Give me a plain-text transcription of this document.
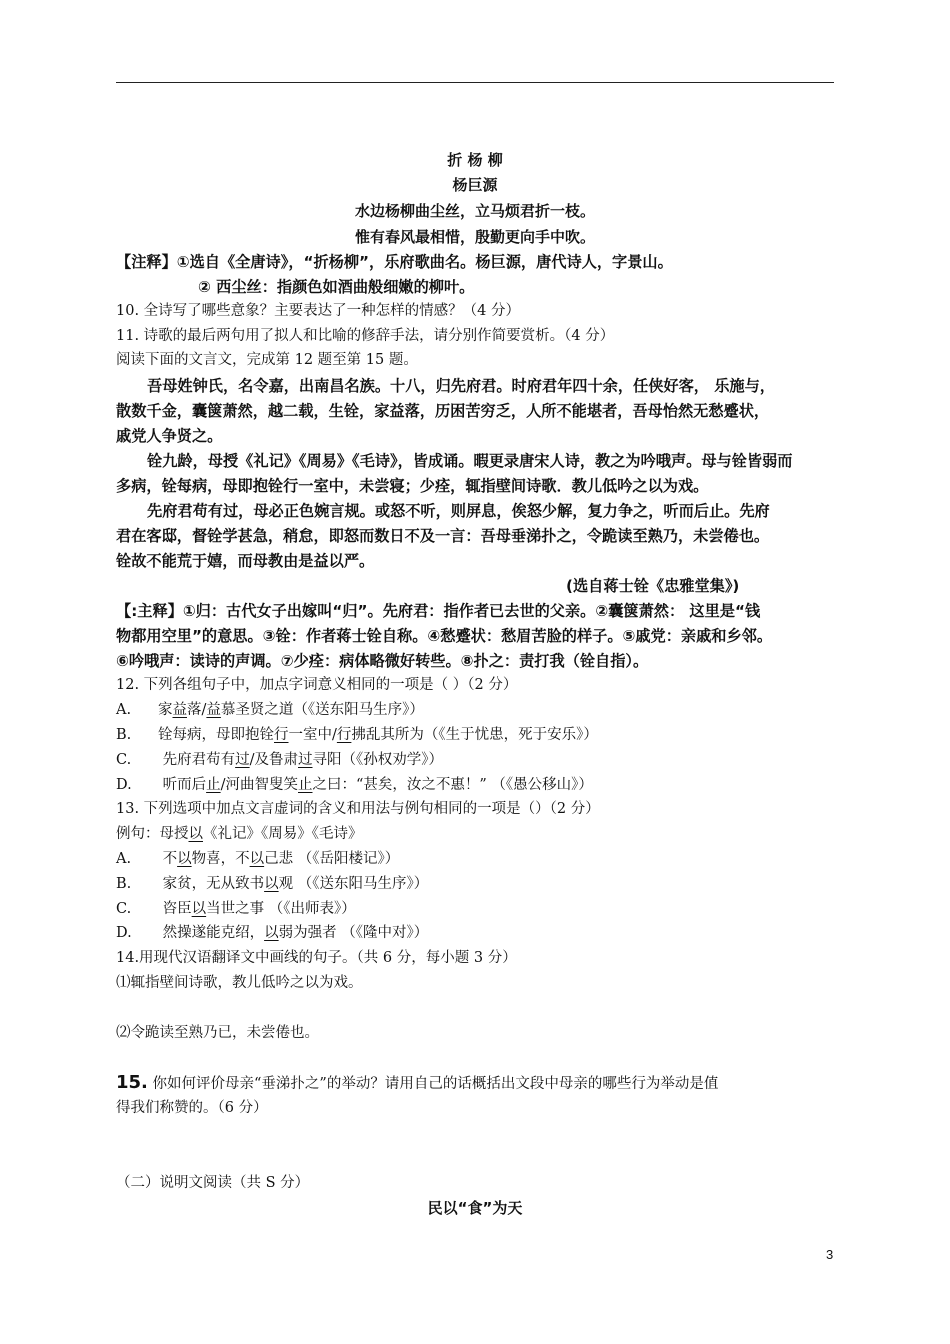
折 杨 柳
杨巨源
水边杨柳曲尘丝，立马烦君折一枝。
惟有春风最相惜，殷勤更向手中吹。
【注释】①选自《全唐诗》，“折杨柳”，乐府歌曲名。杨巨源，唐代诗人，字景山。
② 西尘丝：指颜色如酒曲般细嫩的柳叶。
10. 全诗写了哪些意象？主要表达了一种怎样的情感？（4 分）
11. 诗歌的最后两句用了拟人和比喻的修辞手法，请分别作简要赏析。（4 分）
阅读下面的文言文，完成第 12 题至第 15 题。
吾母姓钟氏，名令嘉，出南昌名族。十八，归先府君。时府君年四十余，任侠好客， 乐施与，
散数千金，囊箧萧然，越二载，生铨，家益落，历困苦穷乏，人所不能堪者，吾母怡然无愁蹙状，
戚党人争贤之。
铨九龄，母授《礼记》《周易》《毛诗》，皆成诵。暇更录唐宋人诗，教之为吟哦声。母与铨皆弱而
多病，铨每病，母即抱铨行一室中，未尝寝；少痊，辄指壁间诗歌．教儿低吟之以为戏。
先府君苟有过，母必正色婉言规。或怒不听，则屏息，俟怒少解，复力争之，听而后止。先府
君在客邸，督铨学甚急，稍怠，即怒而数日不及一言：吾母垂涕扑之，令跪读至熟乃，未尝倦也。
铨故不能荒于嬉，而母教由是益以严。
(选自蒋士铨《忠雅堂集》)
【:主释】①归：古代女子出嫁叫“归”。先府君：指作者已去世的父亲。②囊箧萧然： 这里是“钱
物都用空里”的意思。③铨：作者蒋士铨自称。④愁蹙状：愁眉苦脸的样子。⑤戚党：亲戚和乡邻。
⑥吟哦声：读诗的声调。⑦少痊：病体略微好转些。⑧扑之：责打我（铨自指）。
12. 下列各组句子中，加点字词意义相同的一项是（ ）（2 分）
A. 家益落/益慕圣贤之道（《送东阳马生序》）
B. 铨每病，母即抱铨行一室中/行拂乱其所为（《生于忧患，死于安乐》）
C. 先府君苟有过/及鲁肃过寻阳（《孙权劝学》）
D. 听而后止/河曲智叟笑止之曰：“甚矣，汝之不惠！” （《愚公移山》）
13. 下列选项中加点文言虚词的含义和用法与例句相同的一项是（）（2 分）
例句：母授以《礼记》《周易》《毛诗》
A. 不以物喜，不以己悲 （《岳阳楼记》）
B. 家贫，无从致书以观 （《送东阳马生序》）
C. 咨臣以当世之事 （《出师表》）
D. 然操遂能克绍，以弱为强者 （《隆中对》）
14.用现代汉语翻译文中画线的句子。（共 6 分，每小题 3 分）
⑴辄指壁间诗歌，教儿低吟之以为戏。
⑵令跪读至熟乃已，未尝倦也。
15. 你如何评价母亲“垂涕扑之”的举动？请用自己的话概括出文段中母亲的哪些行为举动是值
得我们称赞的。（6 分）
（二）说明文阅读（共 S 分）
民以“食”为天
3
